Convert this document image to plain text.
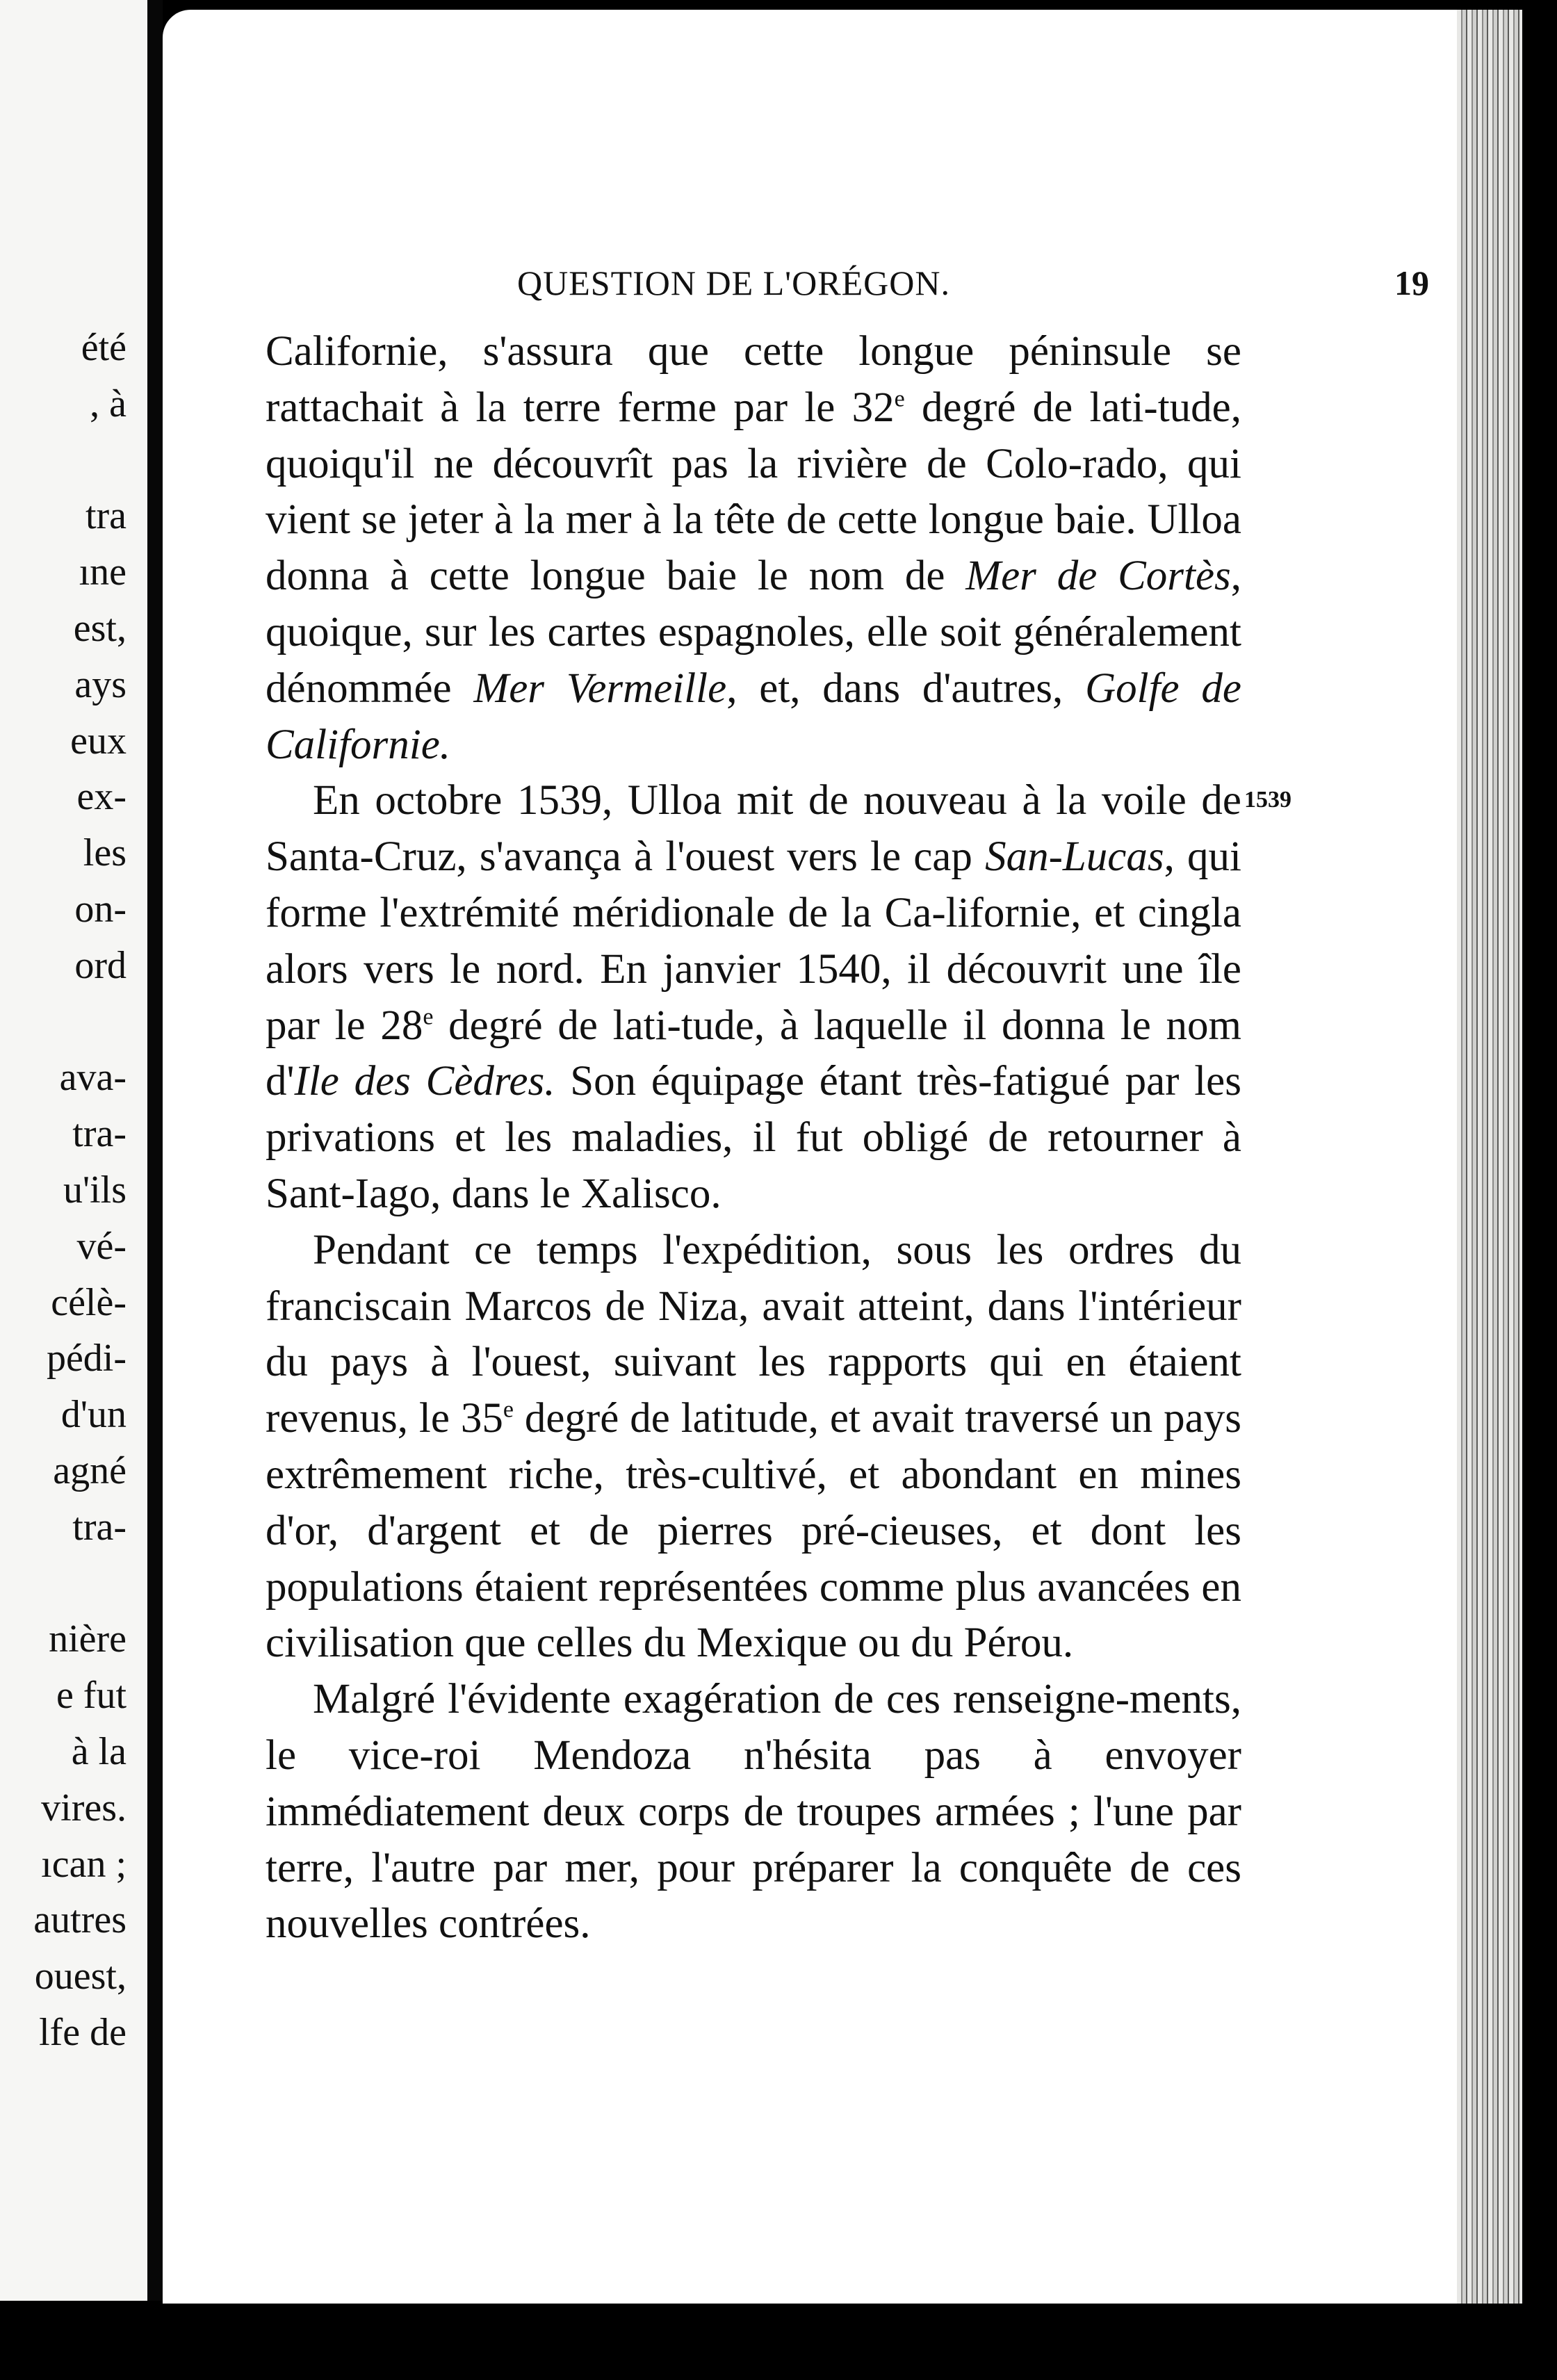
été
, à
tra
ıne
est,
ays
eux
ex-
les
on-
ord
ava-
tra-
u'ils
vé-
célè-
pédi-
d'un
agné
tra-
nière
e fut
à la
vires.
ıcan ;
autres
ouest,
lfe de
QUESTION DE L'ORÉGON.	19

Californie, s'assura que cette longue péninsule se rattachait à la terre ferme par le 32e degré de lati-tude, quoiqu'il ne découvrît pas la rivière de Colo-rado, qui vient se jeter à la mer à la tête de cette longue baie. Ulloa donna à cette longue baie le nom de Mer de Cortès, quoique, sur les cartes espagnoles, elle soit généralement dénommée Mer Vermeille, et, dans d'autres, Golfe de Californie.

En octobre 1539, Ulloa mit de nouveau à la voile de Santa-Cruz, s'avança à l'ouest vers le cap San-Lucas, qui forme l'extrémité méridionale de la Ca-lifornie, et cingla alors vers le nord. En janvier 1540, il découvrit une île par le 28e degré de lati-tude, à laquelle il donna le nom d'Ile des Cèdres. Son équipage étant très-fatigué par les privations et les maladies, il fut obligé de retourner à Sant-Iago, dans le Xalisco.

Pendant ce temps l'expédition, sous les ordres du franciscain Marcos de Niza, avait atteint, dans l'intérieur du pays à l'ouest, suivant les rapports qui en étaient revenus, le 35e degré de latitude, et avait traversé un pays extrêmement riche, très-cultivé, et abondant en mines d'or, d'argent et de pierres pré-cieuses, et dont les populations étaient représentées comme plus avancées en civilisation que celles du Mexique ou du Pérou.

Malgré l'évidente exagération de ces renseigne-ments, le vice-roi Mendoza n'hésita pas à envoyer immédiatement deux corps de troupes armées ; l'une par terre, l'autre par mer, pour préparer la conquête de ces nouvelles contrées.

1539
